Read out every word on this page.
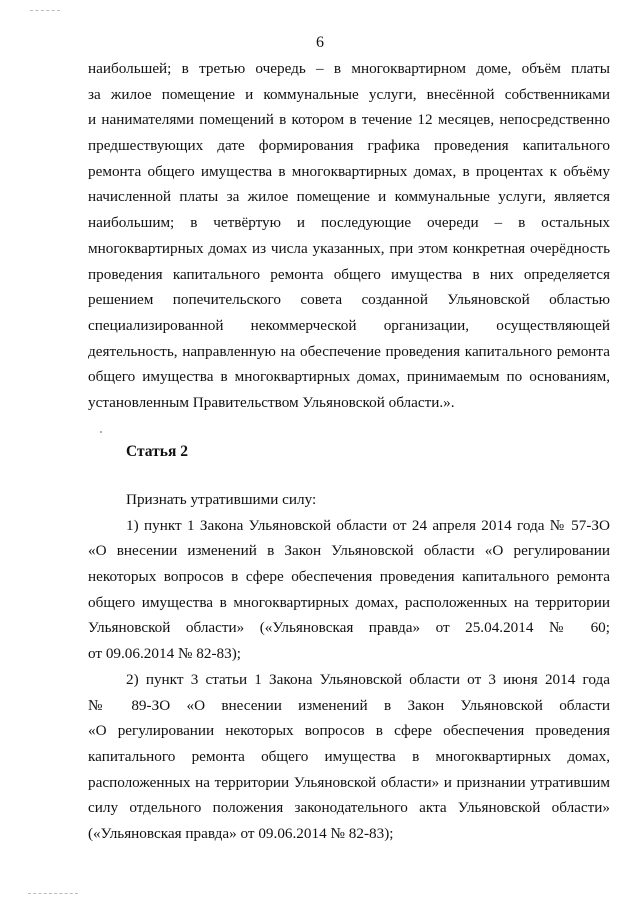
6
наибольшей; в третью очередь – в многоквартирном доме, объём платы
за жилое помещение и коммунальные услуги, внесённой собственниками
и нанимателями помещений в котором в течение 12 месяцев, непосредственно
предшествующих дате формирования графика проведения капитального
ремонта общего имущества в многоквартирных домах, в процентах к объёму
начисленной платы за жилое помещение и коммунальные услуги, является
наибольшим; в четвёртую и последующие очереди – в остальных
многоквартирных домах из числа указанных, при этом конкретная очерёдность
проведения капитального ремонта общего имущества в них определяется
решением попечительского совета созданной Ульяновской областью
специализированной некоммерческой организации, осуществляющей
деятельность, направленную на обеспечение проведения капитального ремонта
общего имущества в многоквартирных домах, принимаемым по основаниям,
установленным Правительством Ульяновской области.».
Статья 2
Признать утратившими силу:
1) пункт 1 Закона Ульяновской области от 24 апреля 2014 года № 57-ЗО
«О внесении изменений в Закон Ульяновской области «О регулировании
некоторых вопросов в сфере обеспечения проведения капитального ремонта
общего имущества в многоквартирных домах, расположенных на территории
Ульяновской области» («Ульяновская правда» от 25.04.2014 № 60;
от 09.06.2014 № 82-83);
2) пункт 3 статьи 1 Закона Ульяновской области от 3 июня 2014 года
№ 89-ЗО «О внесении изменений в Закон Ульяновской области
«О регулировании некоторых вопросов в сфере обеспечения проведения
капитального ремонта общего имущества в многоквартирных домах,
расположенных на территории Ульяновской области» и признании утратившим
силу отдельного положения законодательного акта Ульяновской области»
(«Ульяновская правда» от 09.06.2014 № 82-83);
